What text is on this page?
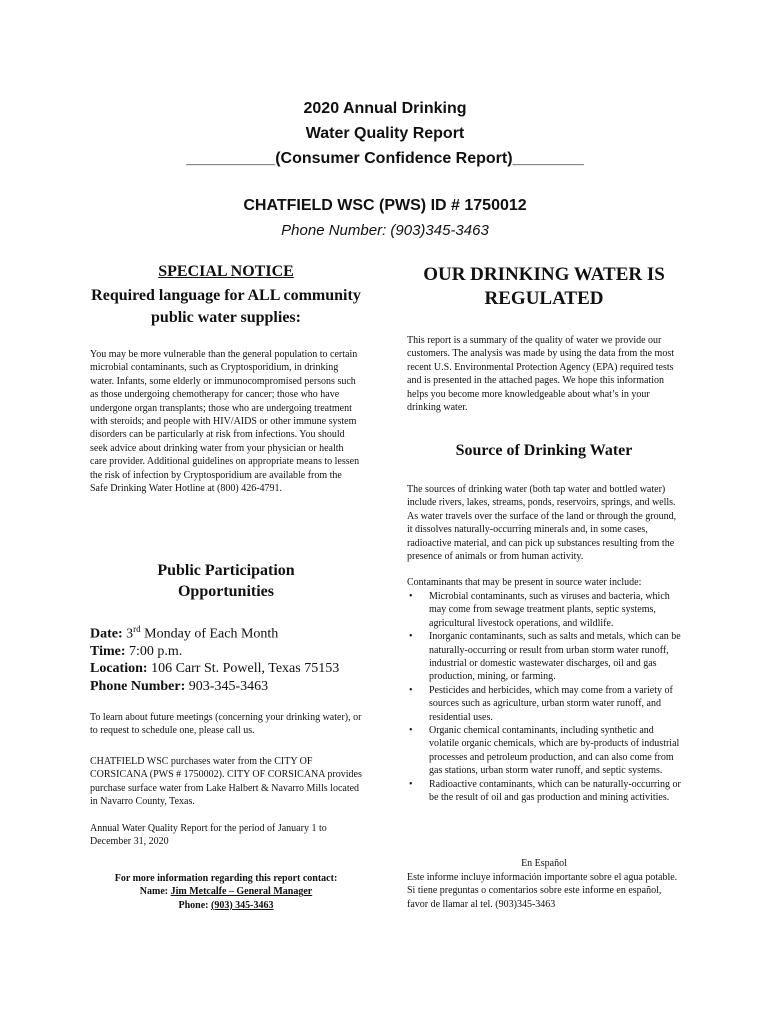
2020 Annual Drinking
Water Quality Report
__________(Consumer Confidence Report)________
CHATFIELD WSC (PWS) ID # 1750012
Phone Number: (903)345-3463
SPECIAL NOTICE
Required language for ALL community public water supplies:
You may be more vulnerable than the general population to certain microbial contaminants, such as Cryptosporidium, in drinking water. Infants, some elderly or immunocompromised persons such as those undergoing chemotherapy for cancer; those who have undergone organ transplants; those who are undergoing treatment with steroids; and people with HIV/AIDS or other immune system disorders can be particularly at risk from infections. You should seek advice about drinking water from your physician or health care provider. Additional guidelines on appropriate means to lessen the risk of infection by Cryptosporidium are available from the Safe Drinking Water Hotline at (800) 426-4791.
Public Participation Opportunities
Date: 3rd Monday of Each Month
Time: 7:00 p.m.
Location: 106 Carr St. Powell, Texas 75153
Phone Number: 903-345-3463
To learn about future meetings (concerning your drinking water), or to request to schedule one, please call us.
CHATFIELD WSC purchases water from the CITY OF CORSICANA (PWS # 1750002). CITY OF CORSICANA provides purchase surface water from Lake Halbert & Navarro Mills located in Navarro County, Texas.
Annual Water Quality Report for the period of January 1 to December 31, 2020
For more information regarding this report contact:
Name: Jim Metcalfe – General Manager
Phone: (903) 345-3463
OUR DRINKING WATER IS REGULATED
This report is a summary of the quality of water we provide our customers. The analysis was made by using the data from the most recent U.S. Environmental Protection Agency (EPA) required tests and is presented in the attached pages. We hope this information helps you become more knowledgeable about what’s in your drinking water.
Source of Drinking Water
The sources of drinking water (both tap water and bottled water) include rivers, lakes, streams, ponds, reservoirs, springs, and wells. As water travels over the surface of the land or through the ground, it dissolves naturally-occurring minerals and, in some cases, radioactive material, and can pick up substances resulting from the presence of animals or from human activity.
Contaminants that may be present in source water include:
• Microbial contaminants, such as viruses and bacteria, which may come from sewage treatment plants, septic systems, agricultural livestock operations, and wildlife.
• Inorganic contaminants, such as salts and metals, which can be naturally-occurring or result from urban storm water runoff, industrial or domestic wastewater discharges, oil and gas production, mining, or farming.
• Pesticides and herbicides, which may come from a variety of sources such as agriculture, urban storm water runoff, and residential uses.
• Organic chemical contaminants, including synthetic and volatile organic chemicals, which are by-products of industrial processes and petroleum production, and can also come from gas stations, urban storm water runoff, and septic systems.
• Radioactive contaminants, which can be naturally-occurring or be the result of oil and gas production and mining activities.
En Español
Este informe incluye información importante sobre el agua potable. Si tiene preguntas o comentarios sobre este informe en español, favor de llamar al tel. (903)345-3463
